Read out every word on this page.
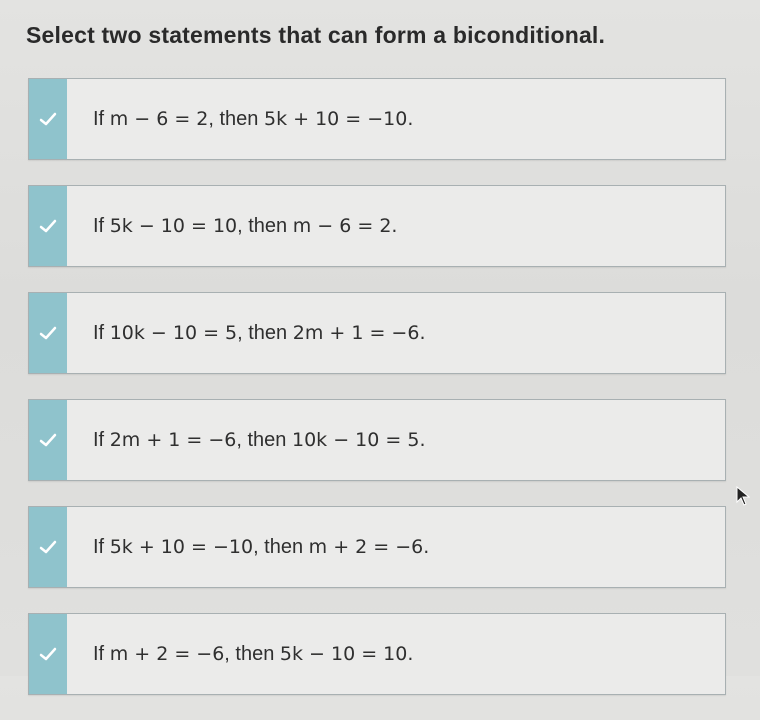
Select two statements that can form a biconditional.
If
m − 6 = 2 , then
5k + 10 = −10.
If
5k − 10 = 10 , then
m − 6 = 2.
If
10k − 10 = 5 , then
2m + 1 = −6.
If
2m + 1 = −6 , then
10k − 10 = 5.
If
5k + 10 = −10 , then
m + 2 = −6.
If
m + 2 = −6 , then
5k − 10 = 10.
